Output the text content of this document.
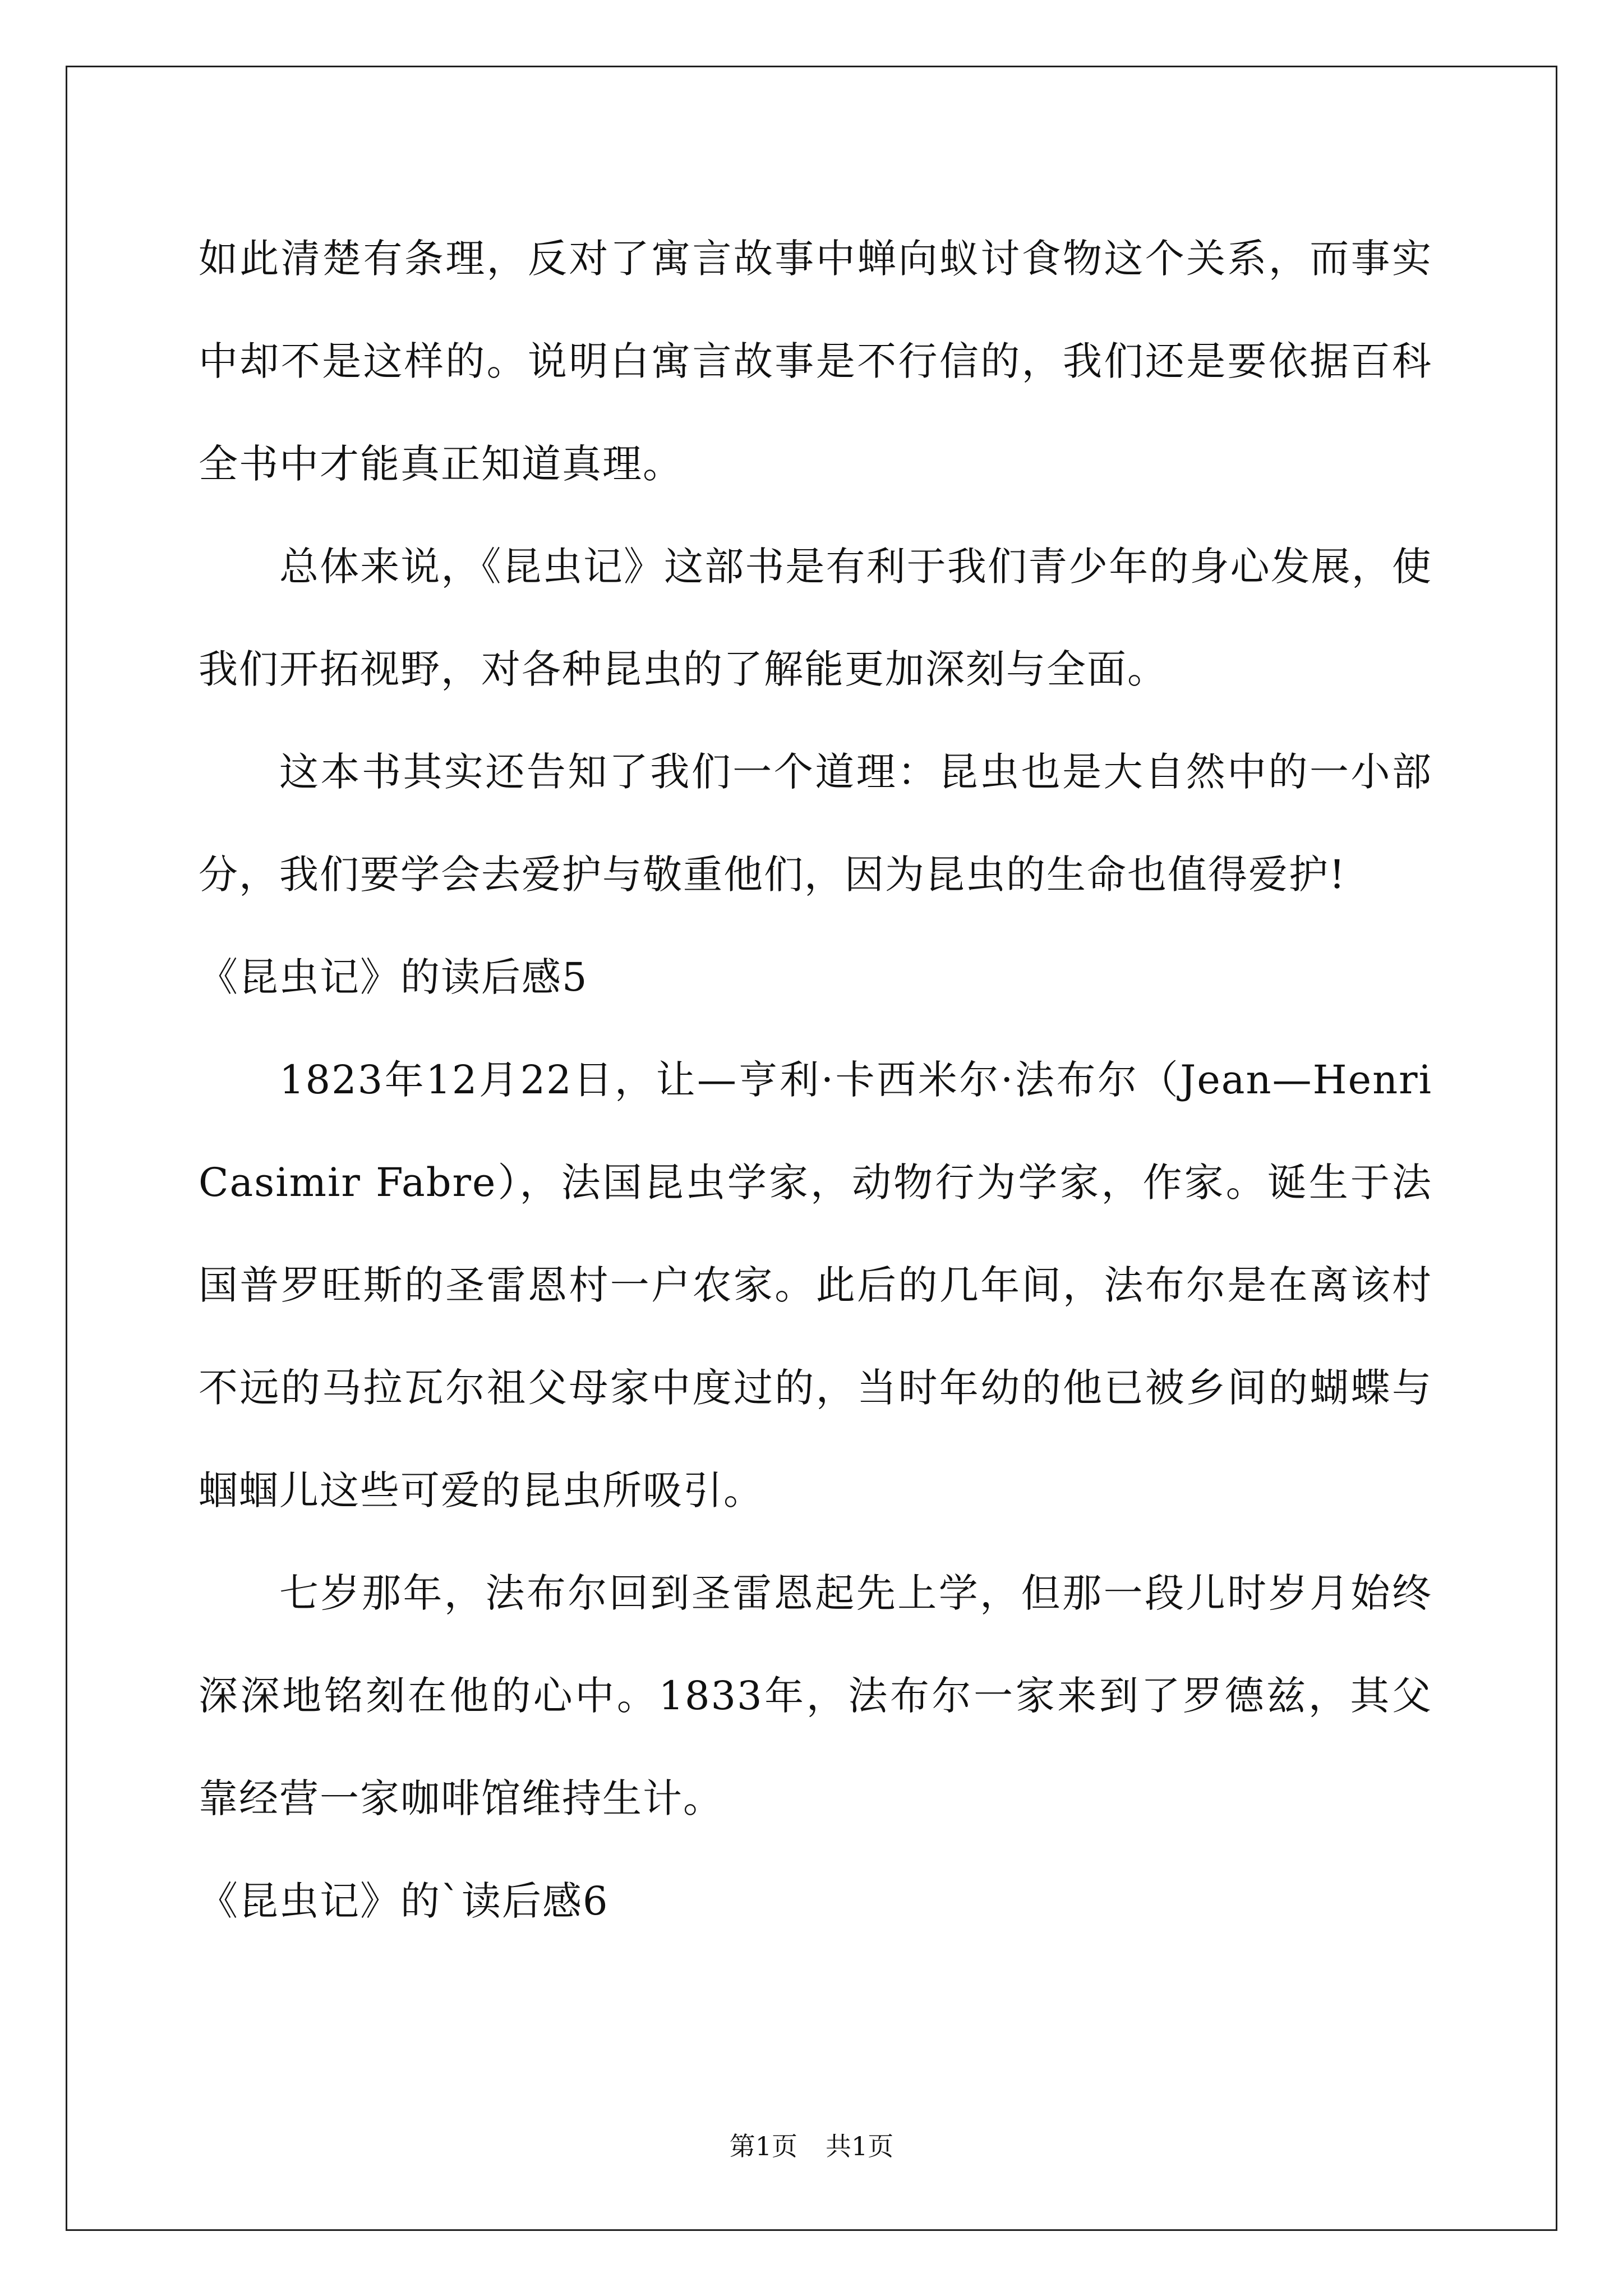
如此清楚有条理，反对了寓言故事中蝉向蚁讨食物这个关系，而事实中却不是这样的。说明白寓言故事是不行信的，我们还是要依据百科全书中才能真正知道真理。

总体来说，《昆虫记》这部书是有利于我们青少年的身心发展，使我们开拓视野，对各种昆虫的了解能更加深刻与全面。

这本书其实还告知了我们一个道理：昆虫也是大自然中的一小部分，我们要学会去爱护与敬重他们，因为昆虫的生命也值得爱护!

《昆虫记》的读后感5

1823年12月22日，让—亨利·卡西米尔·法布尔（Jean—Henri Casimir Fabre），法国昆虫学家，动物行为学家，作家。诞生于法国普罗旺斯的圣雷恩村一户农家。此后的几年间，法布尔是在离该村不远的马拉瓦尔祖父母家中度过的，当时年幼的他已被乡间的蝴蝶与蝈蝈儿这些可爱的昆虫所吸引。

七岁那年，法布尔回到圣雷恩起先上学，但那一段儿时岁月始终深深地铭刻在他的心中。1833年，法布尔一家来到了罗德兹，其父靠经营一家咖啡馆维持生计。

《昆虫记》的`读后感6

第1页 共1页
